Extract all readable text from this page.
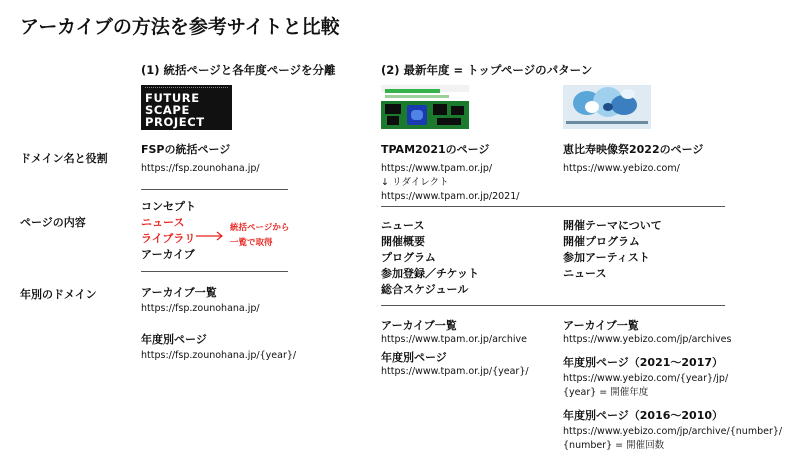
アーカイブの方法を参考サイトと比較
ドメイン名と役割
ページの内容
年別のドメイン
(1) 統括ページと各年度ページを分離
FUTURE
SCAPE
PROJECT
FSPの統括ページ
https://fsp.zounohana.jp/
コンセプト
ニュース
ライブラリ
アーカイブ
統括ページから
一覧で取得
アーカイブ一覧
https://fsp.zounohana.jp/
年度別ページ
https://fsp.zounohana.jp/{year}/
(2) 最新年度 = トップページのパターン
TPAM2021のページ
https://www.tpam.or.jp/
↓ リダイレクト
https://www.tpam.or.jp/2021/
恵比寿映像祭2022のページ
https://www.yebizo.com/
ニュース
開催概要
プログラム
参加登録／チケット
総合スケジュール
開催テーマについて
開催プログラム
参加アーティスト
ニュース
アーカイブ一覧
https://www.tpam.or.jp/archive
年度別ページ
https://www.tpam.or.jp/{year}/
アーカイブ一覧
https://www.yebizo.com/jp/archives
年度別ページ（2021〜2017）
https://www.yebizo.com/{year}/jp/
{year} = 開催年度
年度別ページ（2016〜2010）
https://www.yebizo.com/jp/archive/{number}/
{number} = 開催回数
